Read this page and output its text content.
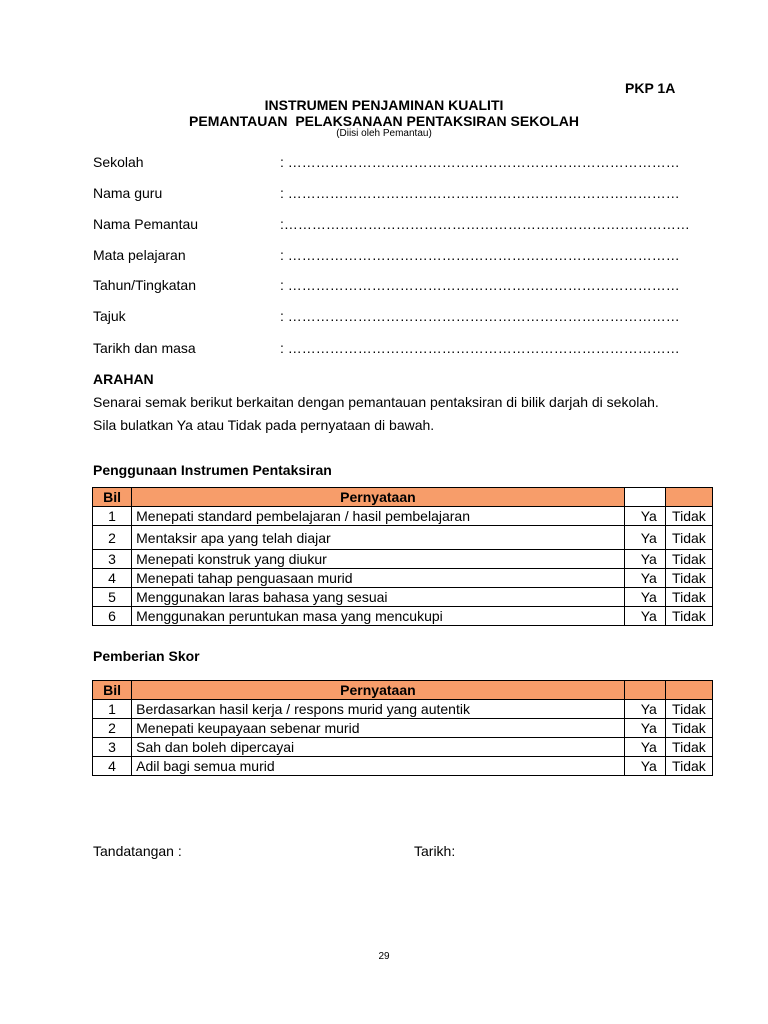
PKP 1A
INSTRUMEN PENJAMINAN KUALITI
PEMANTAUAN  PELAKSANAAN PENTAKSIRAN SEKOLAH
(Diisi oleh Pemantau)
Sekolah	: …………………………………………………………………………
Nama guru	: …………………………………………………………………………
Nama Pemantau	:……………………………………………………………………………
Mata pelajaran	: …………………………………………………………………………
Tahun/Tingkatan	: …………………………………………………………………………
Tajuk	: …………………………………………………………………………
Tarikh dan masa	: …………………………………………………………………………
ARAHAN
Senarai semak berikut berkaitan dengan pemantauan pentaksiran di bilik darjah di sekolah.
Sila bulatkan Ya atau Tidak pada pernyataan di bawah.
Penggunaan Instrumen Pentaksiran
Bil	Pernyataan		
1	Menepati standard pembelajaran / hasil pembelajaran	Ya	Tidak
2	Mentaksir apa yang telah diajar	Ya	Tidak
3	Menepati konstruk yang diukur	Ya	Tidak
4	Menepati tahap penguasaan murid	Ya	Tidak
5	Menggunakan laras bahasa yang sesuai	Ya	Tidak
6	Menggunakan peruntukan masa yang mencukupi	Ya	Tidak
Pemberian Skor
Bil	Pernyataan		
1	Berdasarkan hasil kerja / respons murid yang autentik	Ya	Tidak
2	Menepati keupayaan sebenar murid	Ya	Tidak
3	Sah dan boleh dipercayai	Ya	Tidak
4	Adil bagi semua murid	Ya	Tidak
Tandatangan :	Tarikh:
29
